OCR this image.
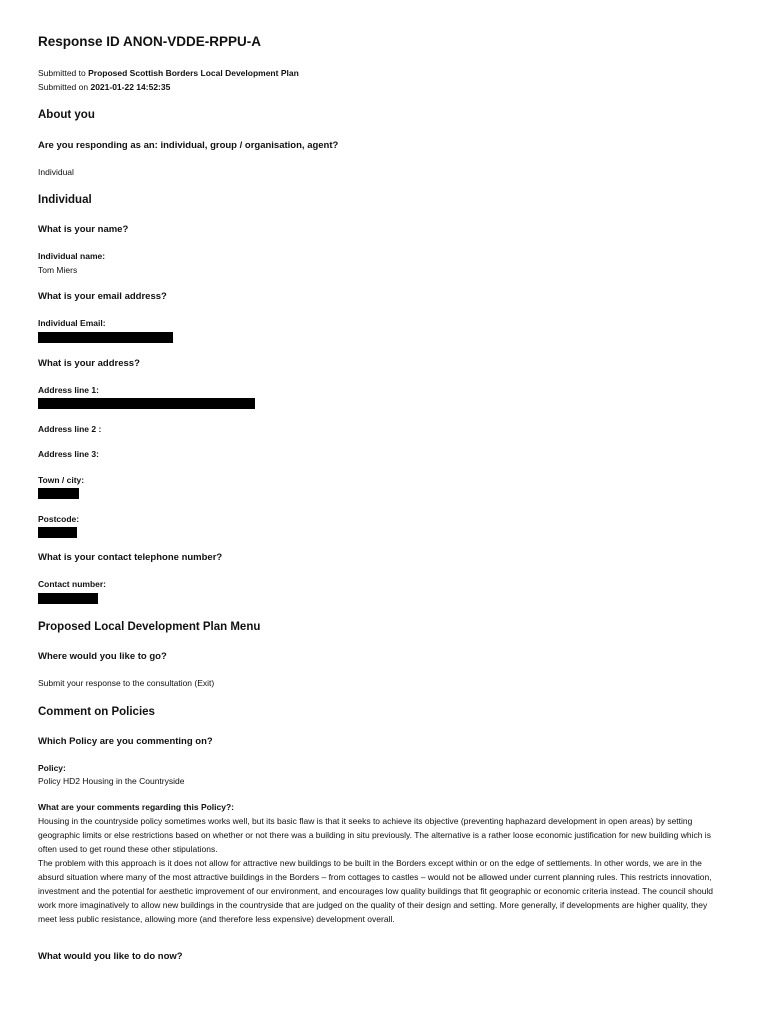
Response ID ANON-VDDE-RPPU-A
Submitted to Proposed Scottish Borders Local Development Plan
Submitted on 2021-01-22 14:52:35
About you
Are you responding as an: individual, group / organisation, agent?
Individual
Individual
What is your name?
Individual name:
Tom Miers
What is your email address?
Individual Email:
What is your address?
Address line 1:
Address line 2 :
Address line 3:
Town / city:
Postcode:
What is your contact telephone number?
Contact number:
Proposed Local Development Plan Menu
Where would you like to go?
Submit your response to the consultation (Exit)
Comment on Policies
Which Policy are you commenting on?
Policy:
Policy HD2 Housing in the Countryside
What are your comments regarding this Policy?:
Housing in the countryside policy sometimes works well, but its basic flaw is that it seeks to achieve its objective (preventing haphazard development in open areas) by setting geographic limits or else restrictions based on whether or not there was a building in situ previously. The alternative is a rather loose economic justification for new building which is often used to get round these other stipulations.
The problem with this approach is it does not allow for attractive new buildings to be built in the Borders except within or on the edge of settlements. In other words, we are in the absurd situation where many of the most attractive buildings in the Borders – from cottages to castles – would not be allowed under current planning rules. This restricts innovation, investment and the potential for aesthetic improvement of our environment, and encourages low quality buildings that fit geographic or economic criteria instead. The council should work more imaginatively to allow new buildings in the countryside that are judged on the quality of their design and setting. More generally, if developments are higher quality, they meet less public resistance, allowing more (and therefore less expensive) development overall.
What would you like to do now?
